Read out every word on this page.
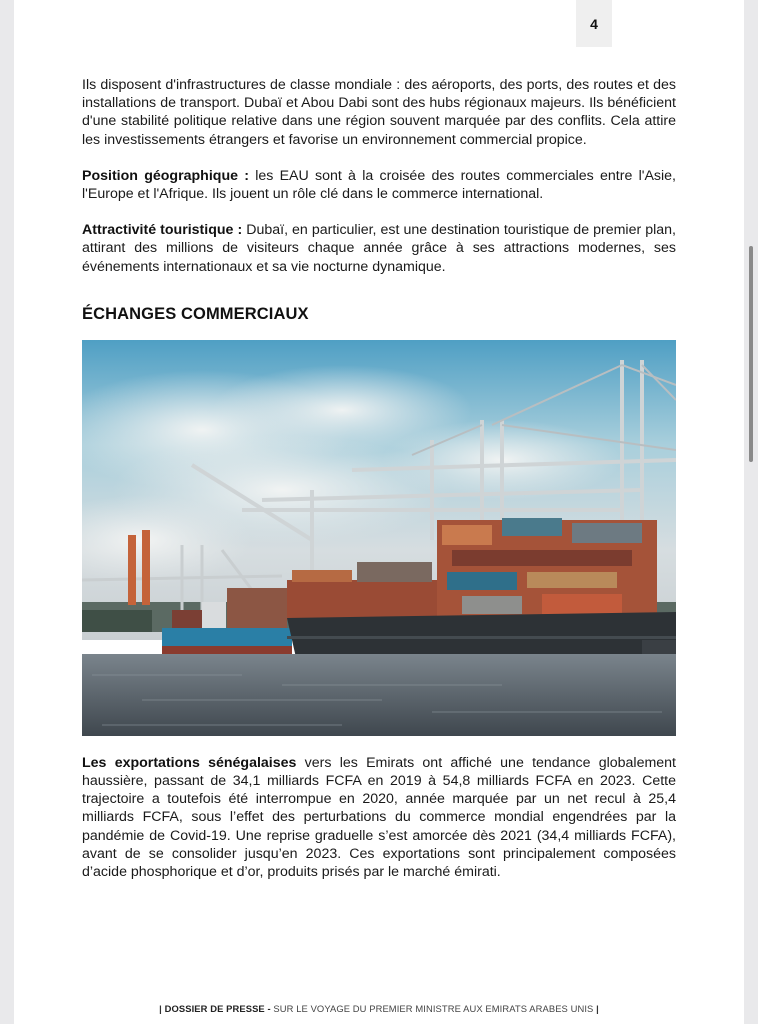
4

Ils disposent d'infrastructures de classe mondiale : des aéroports, des ports, des routes et des installations de transport. Dubaï et Abou Dabi sont des hubs régionaux majeurs. Ils bénéficient d'une stabilité politique relative dans une région souvent marquée par des conflits. Cela attire les investissements étrangers et favorise un environnement commercial propice.

Position géographique : les EAU sont à la croisée des routes commerciales entre l'Asie, l'Europe et l'Afrique. Ils jouent un rôle clé dans le commerce international.

Attractivité touristique : Dubaï, en particulier, est une destination touristique de premier plan, attirant des millions de visiteurs chaque année grâce à ses attractions modernes, ses événements internationaux et sa vie nocturne dynamique.

ÉCHANGES COMMERCIAUX

Les exportations sénégalaises vers les Emirats ont affiché une tendance globalement haussière, passant de 34,1 milliards FCFA en 2019 à 54,8 milliards FCFA en 2023. Cette trajectoire a toutefois été interrompue en 2020, année marquée par un net recul à 25,4 milliards FCFA, sous l’effet des perturbations du commerce mondial engendrées par la pandémie de Covid-19. Une reprise graduelle s’est amorcée dès 2021 (34,4 milliards FCFA), avant de se consolider jusqu’en 2023. Ces exportations sont principalement composées d’acide phosphorique et d’or, produits prisés par le marché émirati.

| DOSSIER DE PRESSE - SUR LE VOYAGE DU PREMIER MINISTRE AUX EMIRATS ARABES UNIS |
